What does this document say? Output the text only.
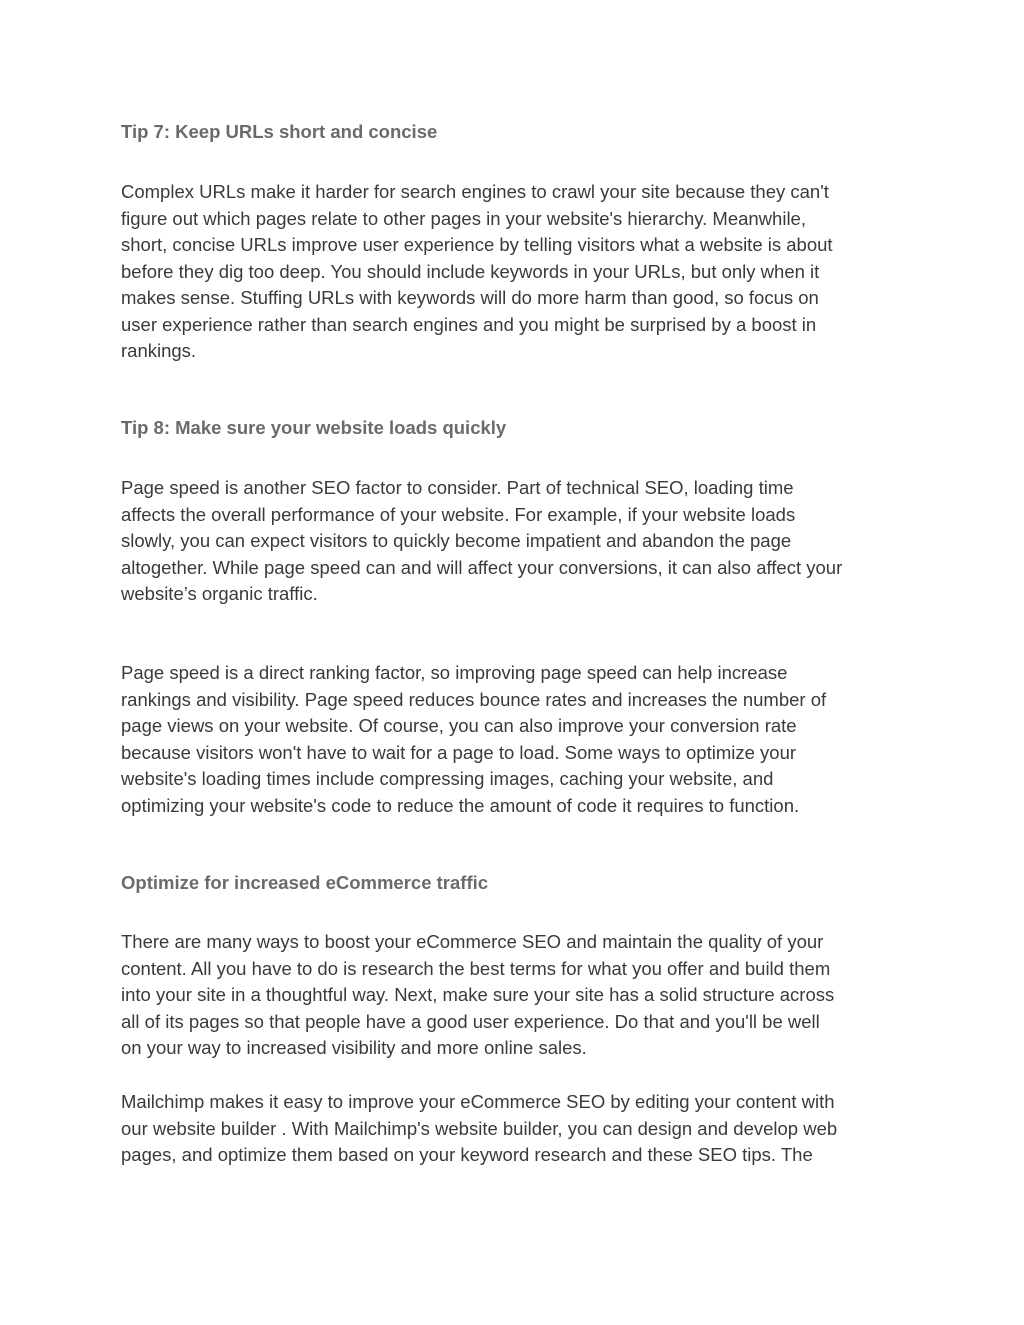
Tip 7: Keep URLs short and concise
Complex URLs make it harder for search engines to crawl your site because they can't
figure out which pages relate to other pages in your website's hierarchy. Meanwhile,
short, concise URLs improve user experience by telling visitors what a website is about
before they dig too deep. You should include keywords in your URLs, but only when it
makes sense. Stuffing URLs with keywords will do more harm than good, so focus on
user experience rather than search engines and you might be surprised by a boost in
rankings.
Tip 8: Make sure your website loads quickly
Page speed is another SEO factor to consider. Part of technical SEO, loading time
affects the overall performance of your website. For example, if your website loads
slowly, you can expect visitors to quickly become impatient and abandon the page
altogether. While page speed can and will affect your conversions, it can also affect your
website’s organic traffic.
Page speed is a direct ranking factor, so improving page speed can help increase
rankings and visibility. Page speed reduces bounce rates and increases the number of
page views on your website. Of course, you can also improve your conversion rate
because visitors won't have to wait for a page to load. Some ways to optimize your
website's loading times include compressing images, caching your website, and
optimizing your website's code to reduce the amount of code it requires to function.
Optimize for increased eCommerce traffic
There are many ways to boost your eCommerce SEO and maintain the quality of your
content. All you have to do is research the best terms for what you offer and build them
into your site in a thoughtful way. Next, make sure your site has a solid structure across
all of its pages so that people have a good user experience. Do that and you'll be well
on your way to increased visibility and more online sales.
Mailchimp makes it easy to improve your eCommerce SEO by editing your content with
our website builder . With Mailchimp's website builder, you can design and develop web
pages, and optimize them based on your keyword research and these SEO tips. The
